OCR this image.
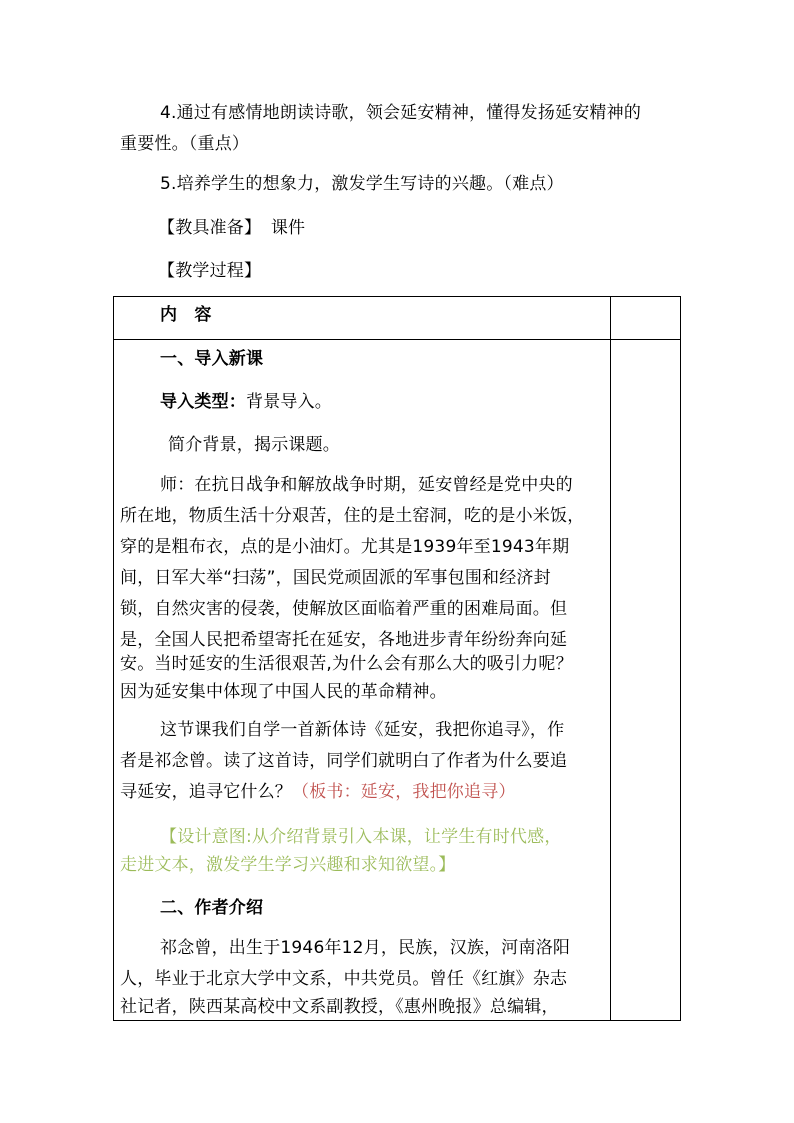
4.通过有感情地朗读诗歌，领会延安精神，懂得发扬延安精神的
重要性。（重点）
5.培养学生的想象力，激发学生写诗的兴趣。（难点）
【教具准备】 课件
【教学过程】
内　容
一、导入新课
导入类型：背景导入。
简介背景，揭示课题。
师：在抗日战争和解放战争时期，延安曾经是党中央的
所在地，物质生活十分艰苦，住的是土窑洞，吃的是小米饭，
穿的是粗布衣，点的是小油灯。尤其是1939年至1943年期
间，日军大举“扫荡”，国民党顽固派的军事包围和经济封
锁，自然灾害的侵袭，使解放区面临着严重的困难局面。但
是，全国人民把希望寄托在延安，各地进步青年纷纷奔向延
安。当时延安的生活很艰苦,为什么会有那么大的吸引力呢？
因为延安集中体现了中国人民的革命精神。
这节课我们自学一首新体诗《延安，我把你追寻》，作
者是祁念曾。读了这首诗，同学们就明白了作者为什么要追
寻延安，追寻它什么？（板书：延安，我把你追寻）
【设计意图:从介绍背景引入本课，让学生有时代感，
走进文本，激发学生学习兴趣和求知欲望。】
二、作者介绍
祁念曾，出生于1946年12月，民族，汉族，河南洛阳
人，毕业于北京大学中文系，中共党员。曾任《红旗》杂志
社记者，陕西某高校中文系副教授，《惠州晚报》总编辑，
